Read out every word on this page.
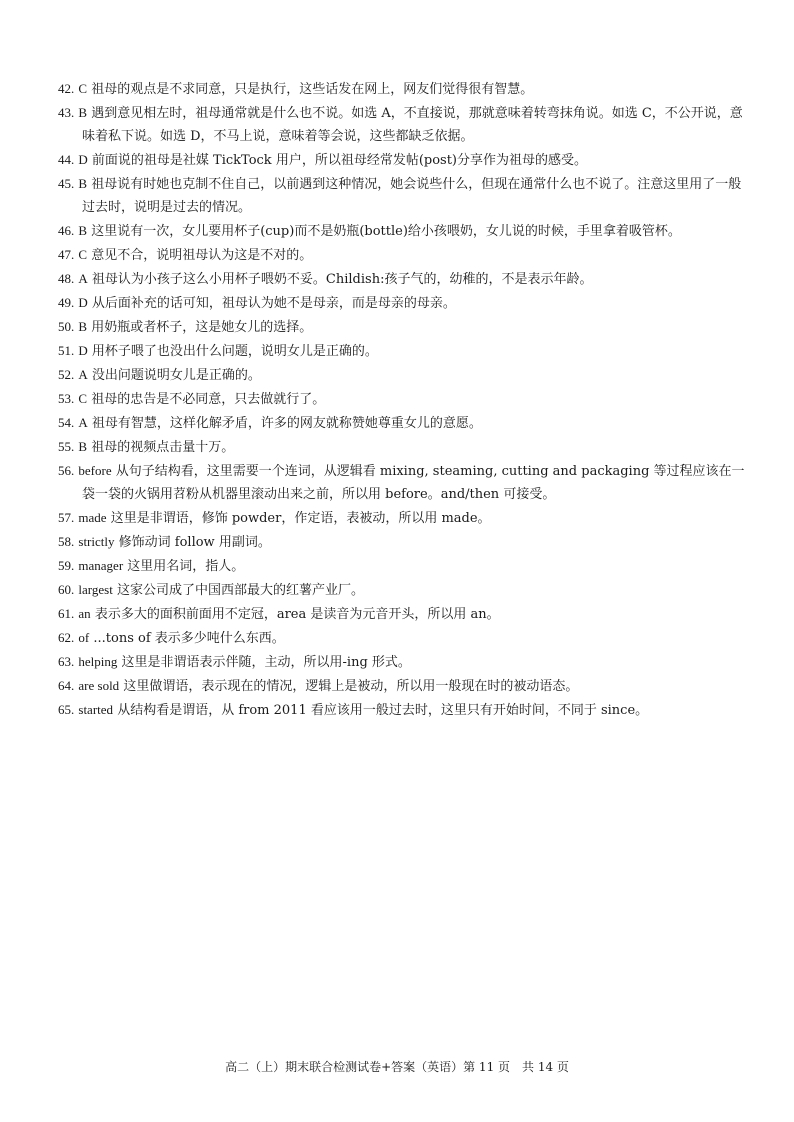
42. C 祖母的观点是不求同意，只是执行，这些话发在网上，网友们觉得很有智慧。
43. B 遇到意见相左时，祖母通常就是什么也不说。如选 A，不直接说，那就意味着转弯抹角说。如选 C，不公开说，意味着私下说。如选 D，不马上说，意味着等会说，这些都缺乏依据。
44. D 前面说的祖母是社媒 TickTock 用户，所以祖母经常发帖(post)分享作为祖母的感受。
45. B 祖母说有时她也克制不住自己，以前遇到这种情况，她会说些什么，但现在通常什么也不说了。注意这里用了一般过去时，说明是过去的情况。
46. B 这里说有一次，女儿要用杯子(cup)而不是奶瓶(bottle)给小孩喂奶，女儿说的时候，手里拿着吸管杯。
47. C 意见不合，说明祖母认为这是不对的。
48. A 祖母认为小孩子这么小用杯子喂奶不妥。Childish:孩子气的，幼稚的，不是表示年龄。
49. D 从后面补充的话可知，祖母认为她不是母亲，而是母亲的母亲。
50. B 用奶瓶或者杯子，这是她女儿的选择。
51. D 用杯子喂了也没出什么问题，说明女儿是正确的。
52. A 没出问题说明女儿是正确的。
53. C 祖母的忠告是不必同意，只去做就行了。
54. A 祖母有智慧，这样化解矛盾，许多的网友就称赞她尊重女儿的意愿。
55. B 祖母的视频点击量十万。
56. before 从句子结构看，这里需要一个连词，从逻辑看 mixing, steaming, cutting and packaging 等过程应该在一袋一袋的火锅用苕粉从机器里滚动出来之前，所以用 before。and/then 可接受。
57. made 这里是非谓语，修饰 powder，作定语，表被动，所以用 made。
58. strictly 修饰动词 follow 用副词。
59. manager 这里用名词，指人。
60. largest 这家公司成了中国西部最大的红薯产业厂。
61. an 表示多大的面积前面用不定冠，area 是读音为元音开头，所以用 an。
62. of ...tons of 表示多少吨什么东西。
63. helping 这里是非谓语表示伴随，主动，所以用-ing 形式。
64. are sold 这里做谓语，表示现在的情况，逻辑上是被动，所以用一般现在时的被动语态。
65. started 从结构看是谓语，从 from 2011 看应该用一般过去时，这里只有开始时间，不同于 since。
高二（上）期末联合检测试卷+答案（英语）第 11 页　共 14 页
